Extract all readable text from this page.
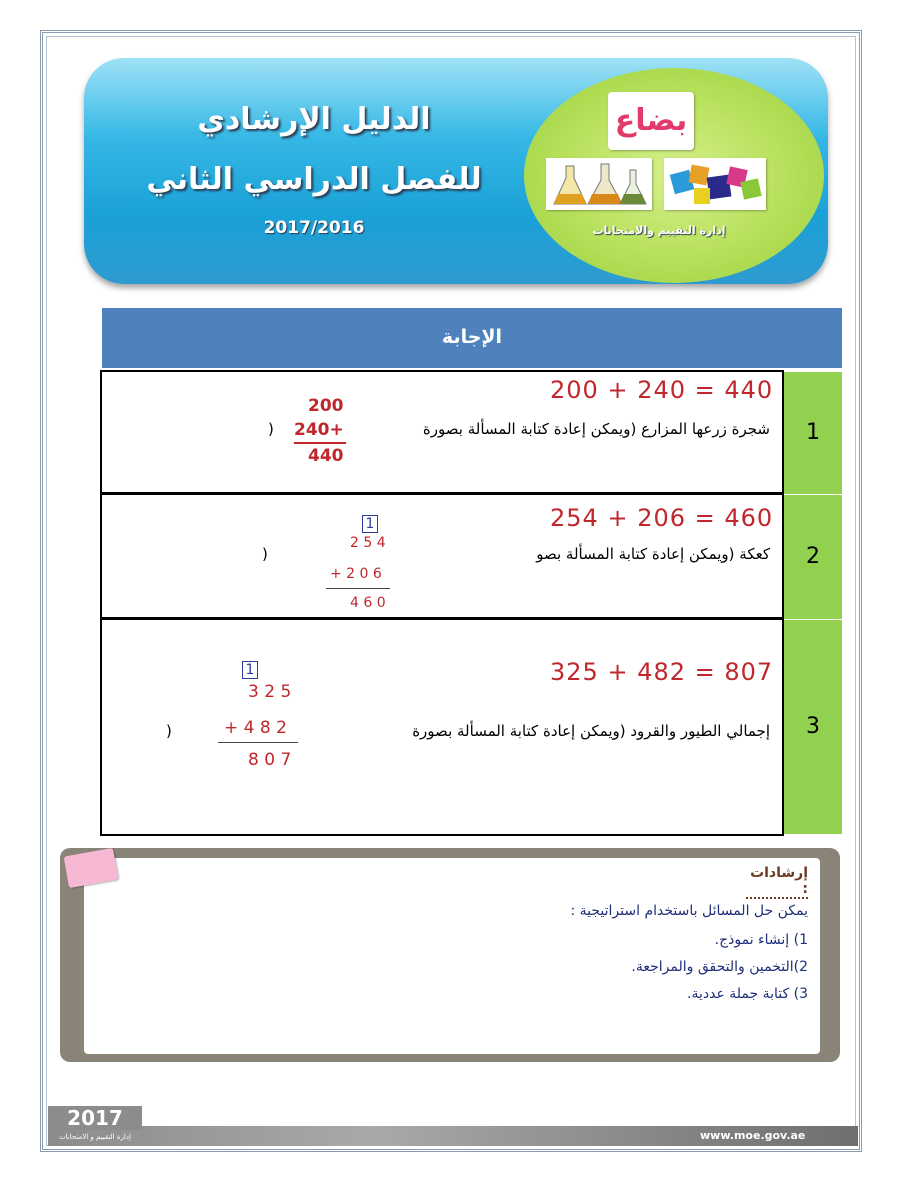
الدليل الإرشادي
للفصل الدراسي الثاني
2017/2016
بضاع
إدارة التقييم والامتحانات
الإجابة
1
440 = 240 + 200
شجرة زرعها المزارع (ويمكن إعادة كتابة المسألة بصورة
)
200
240+
440
2
460 = 206 + 254
كعكة (ويمكن إعادة كتابة المسألة بصو
)
1
2 5 4
+ 2 0 6
4 6 0
3
807 = 482 + 325
إجمالي الطيور والقرود (ويمكن إعادة كتابة المسألة بصورة
)
1
3 2 5
+ 4 8 2
8 0 7
إرشادات :
يمكن حل المسائل باستخدام استراتيجية :
1) إنشاء نموذج.
2)التخمين والتحقق والمراجعة.
3) كتابة جملة عددية.
2017
إدارة التقييم و الامتحانات	www.moe.gov.ae
